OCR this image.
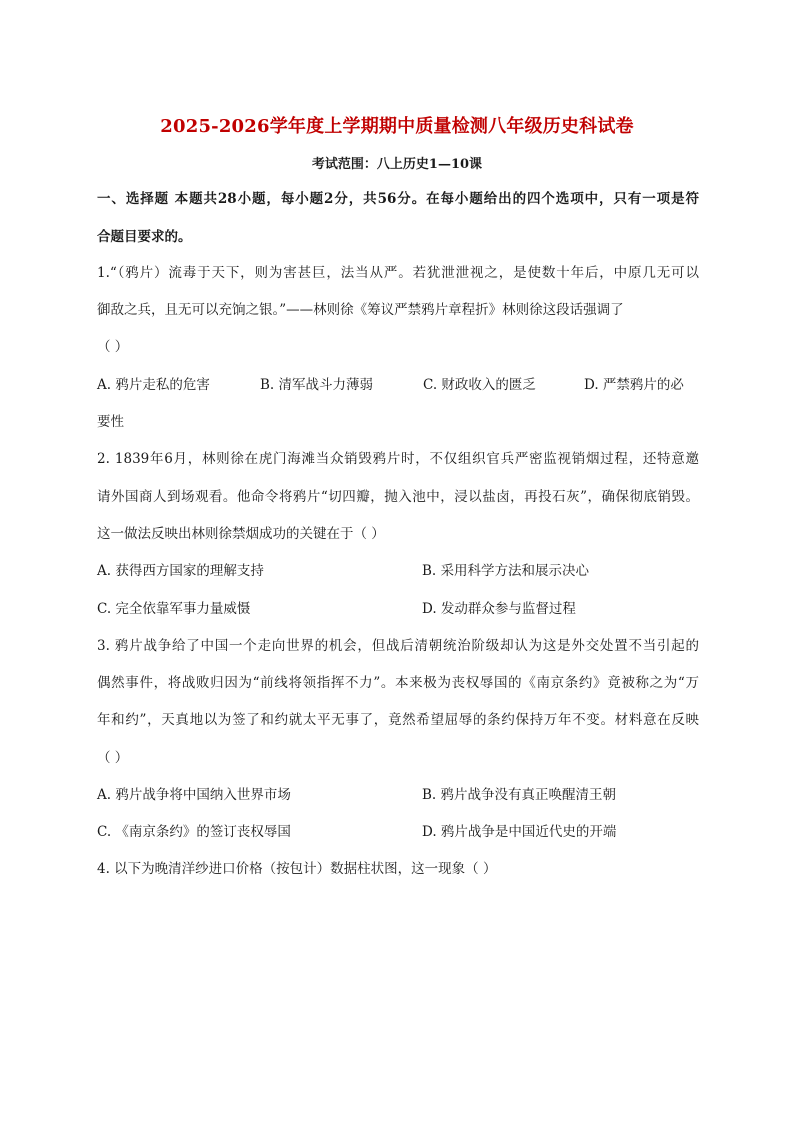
2025-2026学年度上学期期中质量检测八年级历史科试卷
考试范围：八上历史1—10课
一、选择题 本题共28小题，每小题2分，共56分。在每小题给出的四个选项中，只有一项是符
合题目要求的。
1.“（鸦片）流毒于天下，则为害甚巨，法当从严。若犹泄泄视之，是使数十年后，中原几无可以
御敌之兵，且无可以充饷之银。”——林则徐《筹议严禁鸦片章程折》林则徐这段话强调了
（ ）
A. 鸦片走私的危害	B. 清军战斗力薄弱	C. 财政收入的匮乏	D. 严禁鸦片的必
要性
2. 1839年6月，林则徐在虎门海滩当众销毁鸦片时，不仅组织官兵严密监视销烟过程，还特意邀
请外国商人到场观看。他命令将鸦片“切四瓣，抛入池中，浸以盐卤，再投石灰”，确保彻底销毁。
这一做法反映出林则徐禁烟成功的关键在于（ ）
A. 获得西方国家的理解支持	B. 采用科学方法和展示决心
C. 完全依靠军事力量威慑	D. 发动群众参与监督过程
3. 鸦片战争给了中国一个走向世界的机会，但战后清朝统治阶级却认为这是外交处置不当引起的
偶然事件，将战败归因为“前线将领指挥不力”。本来极为丧权辱国的《南京条约》竟被称之为“万
年和约”，天真地以为签了和约就太平无事了，竟然希望屈辱的条约保持万年不变。材料意在反映
（ ）
A. 鸦片战争将中国纳入世界市场	B. 鸦片战争没有真正唤醒清王朝
C. 《南京条约》的签订丧权辱国	D. 鸦片战争是中国近代史的开端
4. 以下为晚清洋纱进口价格（按包计）数据柱状图，这一现象（ ）
